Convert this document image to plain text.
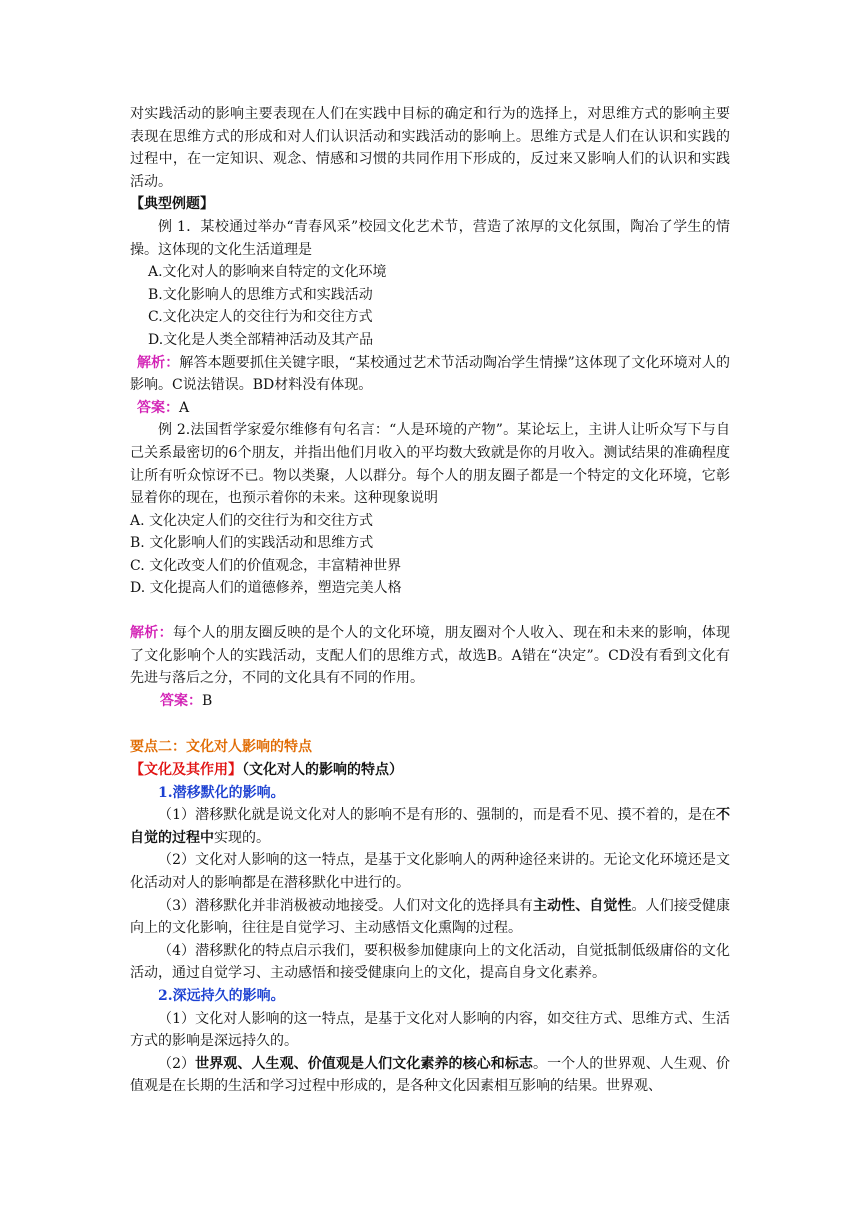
对实践活动的影响主要表现在人们在实践中目标的确定和行为的选择上，对思维方式的影响主要表现在思维方式的形成和对人们认识活动和实践活动的影响上。思维方式是人们在认识和实践的过程中，在一定知识、观念、情感和习惯的共同作用下形成的，反过来又影响人们的认识和实践活动。

【典型例题】

例 1．某校通过举办“青春风采”校园文化艺术节，营造了浓厚的文化氛围，陶冶了学生的情操。这体现的文化生活道理是

A.文化对人的影响来自特定的文化环境

B.文化影响人的思维方式和实践活动

C.文化决定人的交往行为和交往方式

D.文化是人类全部精神活动及其产品

解析：解答本题要抓住关键字眼，“某校通过艺术节活动陶冶学生情操”这体现了文化环境对人的影响。C说法错误。BD材料没有体现。

答案：A

例 2.法国哲学家爱尔维修有句名言：“人是环境的产物”。某论坛上，主讲人让听众写下与自己关系最密切的6个朋友，并指出他们月收入的平均数大致就是你的月收入。测试结果的准确程度让所有听众惊讶不已。物以类聚，人以群分。每个人的朋友圈子都是一个特定的文化环境，它彰显着你的现在，也预示着你的未来。这种现象说明

A. 文化决定人们的交往行为和交往方式

B. 文化影响人们的实践活动和思维方式

C. 文化改变人们的价值观念，丰富精神世界

D. 文化提高人们的道德修养，塑造完美人格

解析：每个人的朋友圈反映的是个人的文化环境，朋友圈对个人收入、现在和未来的影响，体现了文化影响个人的实践活动，支配人们的思维方式，故选B。A错在“决定”。CD没有看到文化有先进与落后之分，不同的文化具有不同的作用。

答案：B

要点二：文化对人影响的特点

【文化及其作用】（文化对人的影响的特点）

1.潜移默化的影响。

（1）潜移默化就是说文化对人的影响不是有形的、强制的，而是看不见、摸不着的，是在不自觉的过程中实现的。

（2）文化对人影响的这一特点，是基于文化影响人的两种途径来讲的。无论文化环境还是文化活动对人的影响都是在潜移默化中进行的。

（3）潜移默化并非消极被动地接受。人们对文化的选择具有主动性、自觉性。人们接受健康向上的文化影响，往往是自觉学习、主动感悟文化熏陶的过程。

（4）潜移默化的特点启示我们，要积极参加健康向上的文化活动，自觉抵制低级庸俗的文化活动，通过自觉学习、主动感悟和接受健康向上的文化，提高自身文化素养。

2.深远持久的影响。

（1）文化对人影响的这一特点，是基于文化对人影响的内容，如交往方式、思维方式、生活方式的影响是深远持久的。

（2）世界观、人生观、价值观是人们文化素养的核心和标志。一个人的世界观、人生观、价值观是在长期的生活和学习过程中形成的，是各种文化因素相互影响的结果。世界观、
